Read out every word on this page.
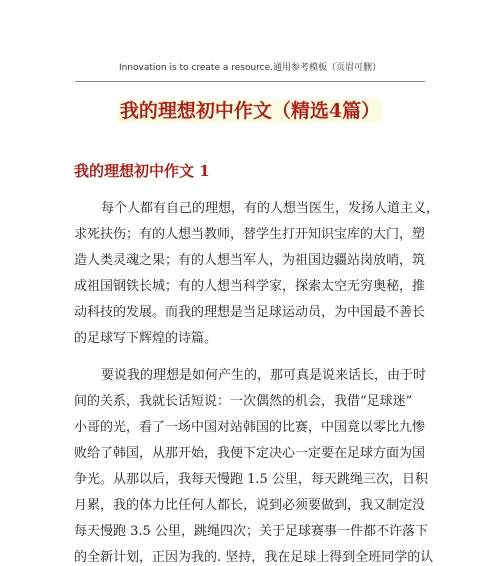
Innovation is to create a resource.通用参考模板（页眉可删）
我的理想初中作文（精选4篇）
我的理想初中作文 1
每个人都有自己的理想，有的人想当医生，发扬人道主义，
求死扶伤；有的人想当教师，替学生打开知识宝库的大门，塑
造人类灵魂之果；有的人想当军人，为祖国边疆站岗放哨，筑
成祖国钢铁长城；有的人想当科学家，探索太空无穷奥秘，推
动科技的发展。而我的理想是当足球运动员，为中国最不善长
的足球写下辉煌的诗篇。
要说我的理想是如何产生的，那可真是说来话长，由于时
间的关系，我就长话短说：一次偶然的机会，我借“足球迷”
小哥的光，看了一场中国对站韩国的比赛，中国竟以零比九惨
败给了韩国，从那开始，我便下定决心一定要在足球方面为国
争光。从那以后，我每天慢跑 1.5 公里，每天跳绳三次，日积
月累，我的体力比任何人都长，说到必须要做到，我又制定没
每天慢跑 3.5 公里，跳绳四次；关于足球赛事一件都不许落下
的全新计划，正因为我的. 坚持，我在足球上得到全班同学的认
